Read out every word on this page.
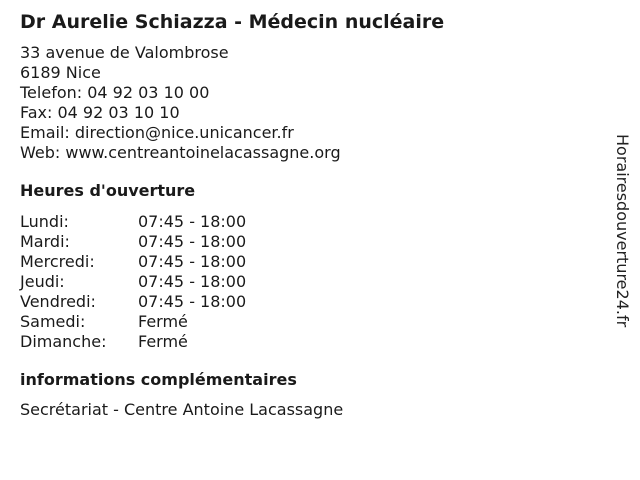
Dr Aurelie Schiazza - Médecin nucléaire
33 avenue de Valombrose
6189 Nice
Telefon: 04 92 03 10 00
Fax: 04 92 03 10 10
Email: direction@nice.unicancer.fr
Web: www.centreantoinelacassagne.org
Heures d'ouverture
Lundi:	07:45 - 18:00
Mardi:	07:45 - 18:00
Mercredi:	07:45 - 18:00
Jeudi:	07:45 - 18:00
Vendredi:	07:45 - 18:00
Samedi:	Fermé
Dimanche:	Fermé
informations complémentaires
Secrétariat - Centre Antoine Lacassagne
Horairesdouverture24.fr
